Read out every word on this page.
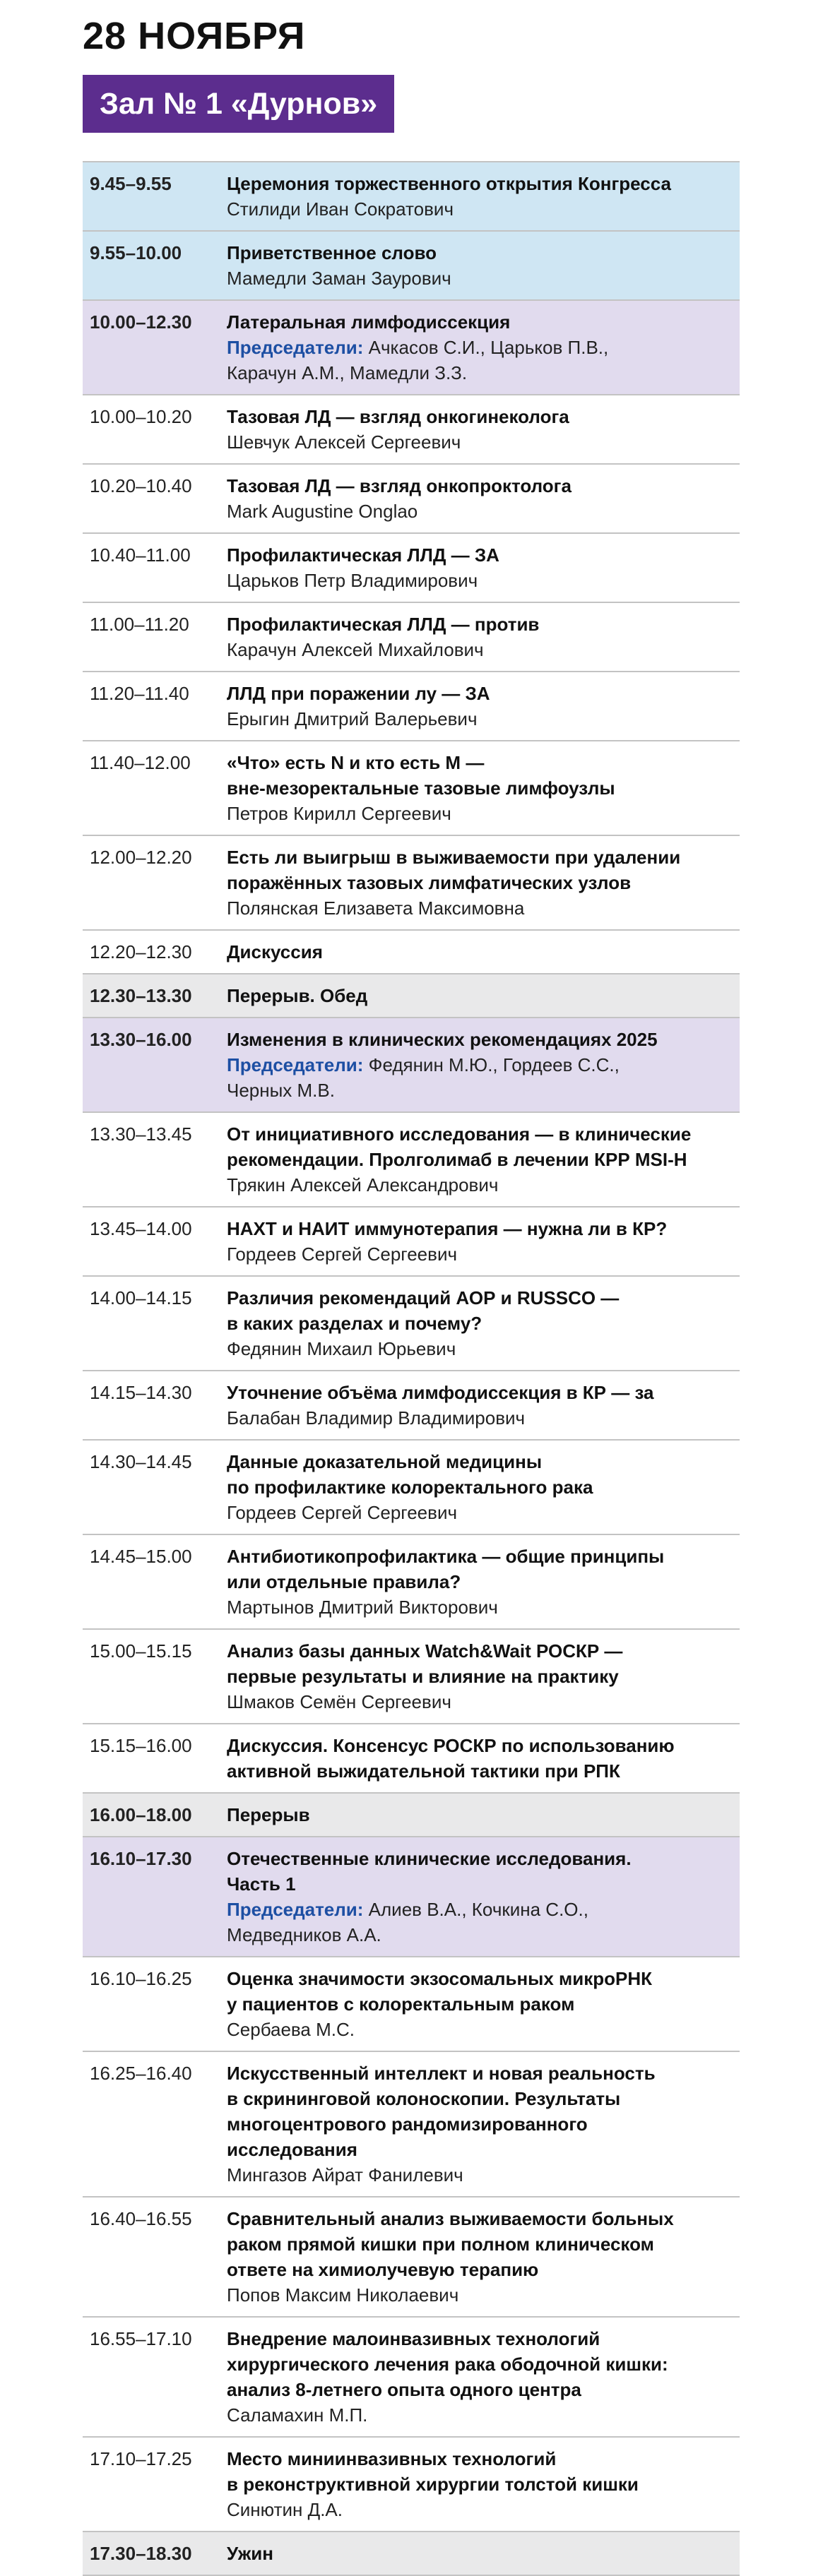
28 НОЯБРЯ
Зал № 1 «Дурнов»
9.45–9.55	Церемония торжественного открытия Конгресса
Стилиди Иван Сократович
9.55–10.00	Приветственное слово
Мамедли Заман Заурович
10.00–12.30	Латеральная лимфодиссекция
Председатели: Ачкасов С.И., Царьков П.В.,
Карачун А.М., Мамедли З.З.
10.00–10.20	Тазовая ЛД — взгляд онкогинеколога
Шевчук Алексей Сергеевич
10.20–10.40	Тазовая ЛД — взгляд онкопроктолога
Mark Augustine Onglao
10.40–11.00	Профилактическая ЛЛД — ЗА
Царьков Петр Владимирович
11.00–11.20	Профилактическая ЛЛД — против
Карачун Алексей Михайлович
11.20–11.40	ЛЛД при поражении лу — ЗА
Ерыгин Дмитрий Валерьевич
11.40–12.00	«Что» есть N и кто есть M —
вне-мезоректальные тазовые лимфоузлы
Петров Кирилл Сергеевич
12.00–12.20	Есть ли выигрыш в выживаемости при удалении
поражённых тазовых лимфатических узлов
Полянская Елизавета Максимовна
12.20–12.30	Дискуссия
12.30–13.30	Перерыв. Обед
13.30–16.00	Изменения в клинических рекомендациях 2025
Председатели: Федянин М.Ю., Гордеев С.С.,
Черных М.В.
13.30–13.45	От инициативного исследования — в клинические
рекомендации. Пролголимаб в лечении КРР MSI-H
Трякин Алексей Александрович
13.45–14.00	НАХТ и НАИТ иммунотерапия — нужна ли в КР?
Гордеев Сергей Сергеевич
14.00–14.15	Различия рекомендаций АОР и RUSSCO —
в каких разделах и почему?
Федянин Михаил Юрьевич
14.15–14.30	Уточнение объёма лимфодиссекция в КР — за
Балабан Владимир Владимирович
14.30–14.45	Данные доказательной медицины
по профилактике колоректального рака
Гордеев Сергей Сергеевич
14.45–15.00	Антибиотикопрофилактика — общие принципы
или отдельные правила?
Мартынов Дмитрий Викторович
15.00–15.15	Анализ базы данных Watch&Wait РОСКР —
первые результаты и влияние на практику
Шмаков Семён Сергеевич
15.15–16.00	Дискуссия. Консенсус РОСКР по использованию
активной выжидательной тактики при РПК
16.00–18.00	Перерыв
16.10–17.30	Отечественные клинические исследования.
Часть 1
Председатели: Алиев В.А., Кочкина С.О.,
Медведников А.А.
16.10–16.25	Оценка значимости экзосомальных микроРНК
у пациентов с колоректальным раком
Сербаева М.С.
16.25–16.40	Искусственный интеллект и новая реальность
в скрининговой колоноскопии. Результаты
многоцентрового рандомизированного
исследования
Мингазов Айрат Фанилевич
16.40–16.55	Сравнительный анализ выживаемости больных
раком прямой кишки при полном клиническом
ответе на химиолучевую терапию
Попов Максим Николаевич
16.55–17.10	Внедрение малоинвазивных технологий
хирургического лечения рака ободочной кишки:
анализ 8-летнего опыта одного центра
Саламахин М.П.
17.10–17.25	Место миниинвазивных технологий
в реконструктивной хирургии толстой кишки
Синютин Д.А.
17.30–18.30	Ужин
